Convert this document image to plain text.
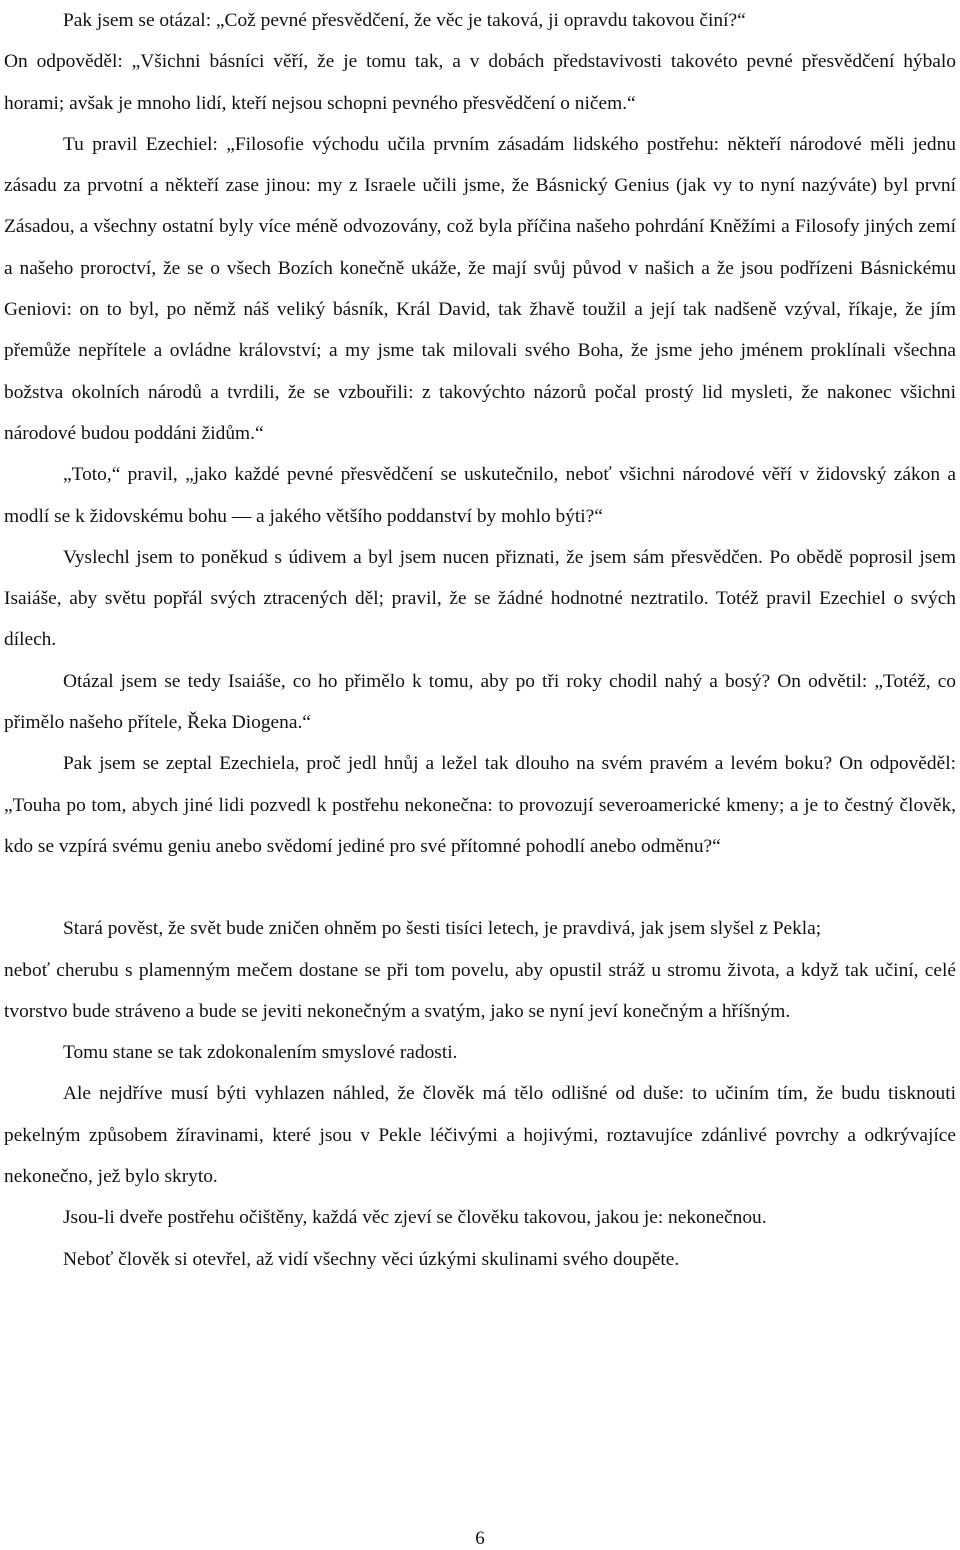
Pak jsem se otázal: „Což pevné přesvědčení, že věc je taková, ji opravdu takovou činí?“

On odpověděl: „Všichni básníci věří, že je tomu tak, a v dobách představivosti takovéto pevné přesvědčení hýbalo horami; avšak je mnoho lidí, kteří nejsou schopni pevného přesvědčení o ničem.“

Tu pravil Ezechiel: „Filosofie východu učila prvním zásadám lidského postřehu: někteří národové měli jednu zásadu za prvotní a někteří zase jinou: my z Israele učili jsme, že Básnický Genius (jak vy to nyní nazýváte) byl první Zásadou, a všechny ostatní byly více méně odvozovány, což byla příčina našeho pohrdání Kněžími a Filosofy jiných zemí a našeho proroctví, že se o všech Bozích konečně ukáže, že mají svůj původ v našich a že jsou podřízeni Básnickému Geniovi: on to byl, po němž náš veliký básník, Král David, tak žhavě toužil a její tak nadšeně vzýval, říkaje, že jím přemůže nepřítele a ovládne království; a my jsme tak milovali svého Boha, že jsme jeho jménem proklínali všechna božstva okolních národů a tvrdili, že se vzbouřili: z takovýchto názorů počal prostý lid mysleti, že nakonec všichni národové budou poddáni židům.“

„Toto,“ pravil, „jako každé pevné přesvědčení se uskutečnilo, neboť všichni národové věří v židovský zákon a modlí se k židovskému bohu — a jakého většího poddanství by mohlo býti?“

Vyslechl jsem to poněkud s údivem a byl jsem nucen přiznati, že jsem sám přesvědčen. Po obědě poprosil jsem Isaiáše, aby světu popřál svých ztracených děl; pravil, že se žádné hodnotné neztratilo. Totéž pravil Ezechiel o svých dílech.

Otázal jsem se tedy Isaiáše, co ho přimělo k tomu, aby po tři roky chodil nahý a bosý? On odvětil: „Totéž, co přimělo našeho přítele, Řeka Diogena.“

Pak jsem se zeptal Ezechiela, proč jedl hnůj a ležel tak dlouho na svém pravém a levém boku? On odpověděl: „Touha po tom, abych jiné lidi pozvedl k postřehu nekonečna: to provozují severoamerické kmeny; a je to čestný člověk, kdo se vzpírá svému geniu anebo svědomí jediné pro své přítomné pohodlí anebo odměnu?“

Stará pověst, že svět bude zničen ohněm po šesti tisíci letech, je pravdivá, jak jsem slyšel z Pekla;

neboť cherubu s plamenným mečem dostane se při tom povelu, aby opustil stráž u stromu života, a když tak učiní, celé tvorstvo bude stráveno a bude se jeviti nekonečným a svatým, jako se nyní jeví konečným a hříšným.

Tomu stane se tak zdokonalením smyslové radosti.

Ale nejdříve musí býti vyhlazen náhled, že člověk má tělo odlišné od duše: to učiním tím, že budu tisknouti pekelným způsobem žíravinami, které jsou v Pekle léčivými a hojivými, roztavujíce zdánlivé povrchy a odkrývajíce nekonečno, jež bylo skryto.

Jsou-li dveře postřehu očištěny, každá věc zjeví se člověku takovou, jakou je: nekonečnou.

Neboť člověk si otevřel, až vidí všechny věci úzkými skulinami svého doupěte.

6
